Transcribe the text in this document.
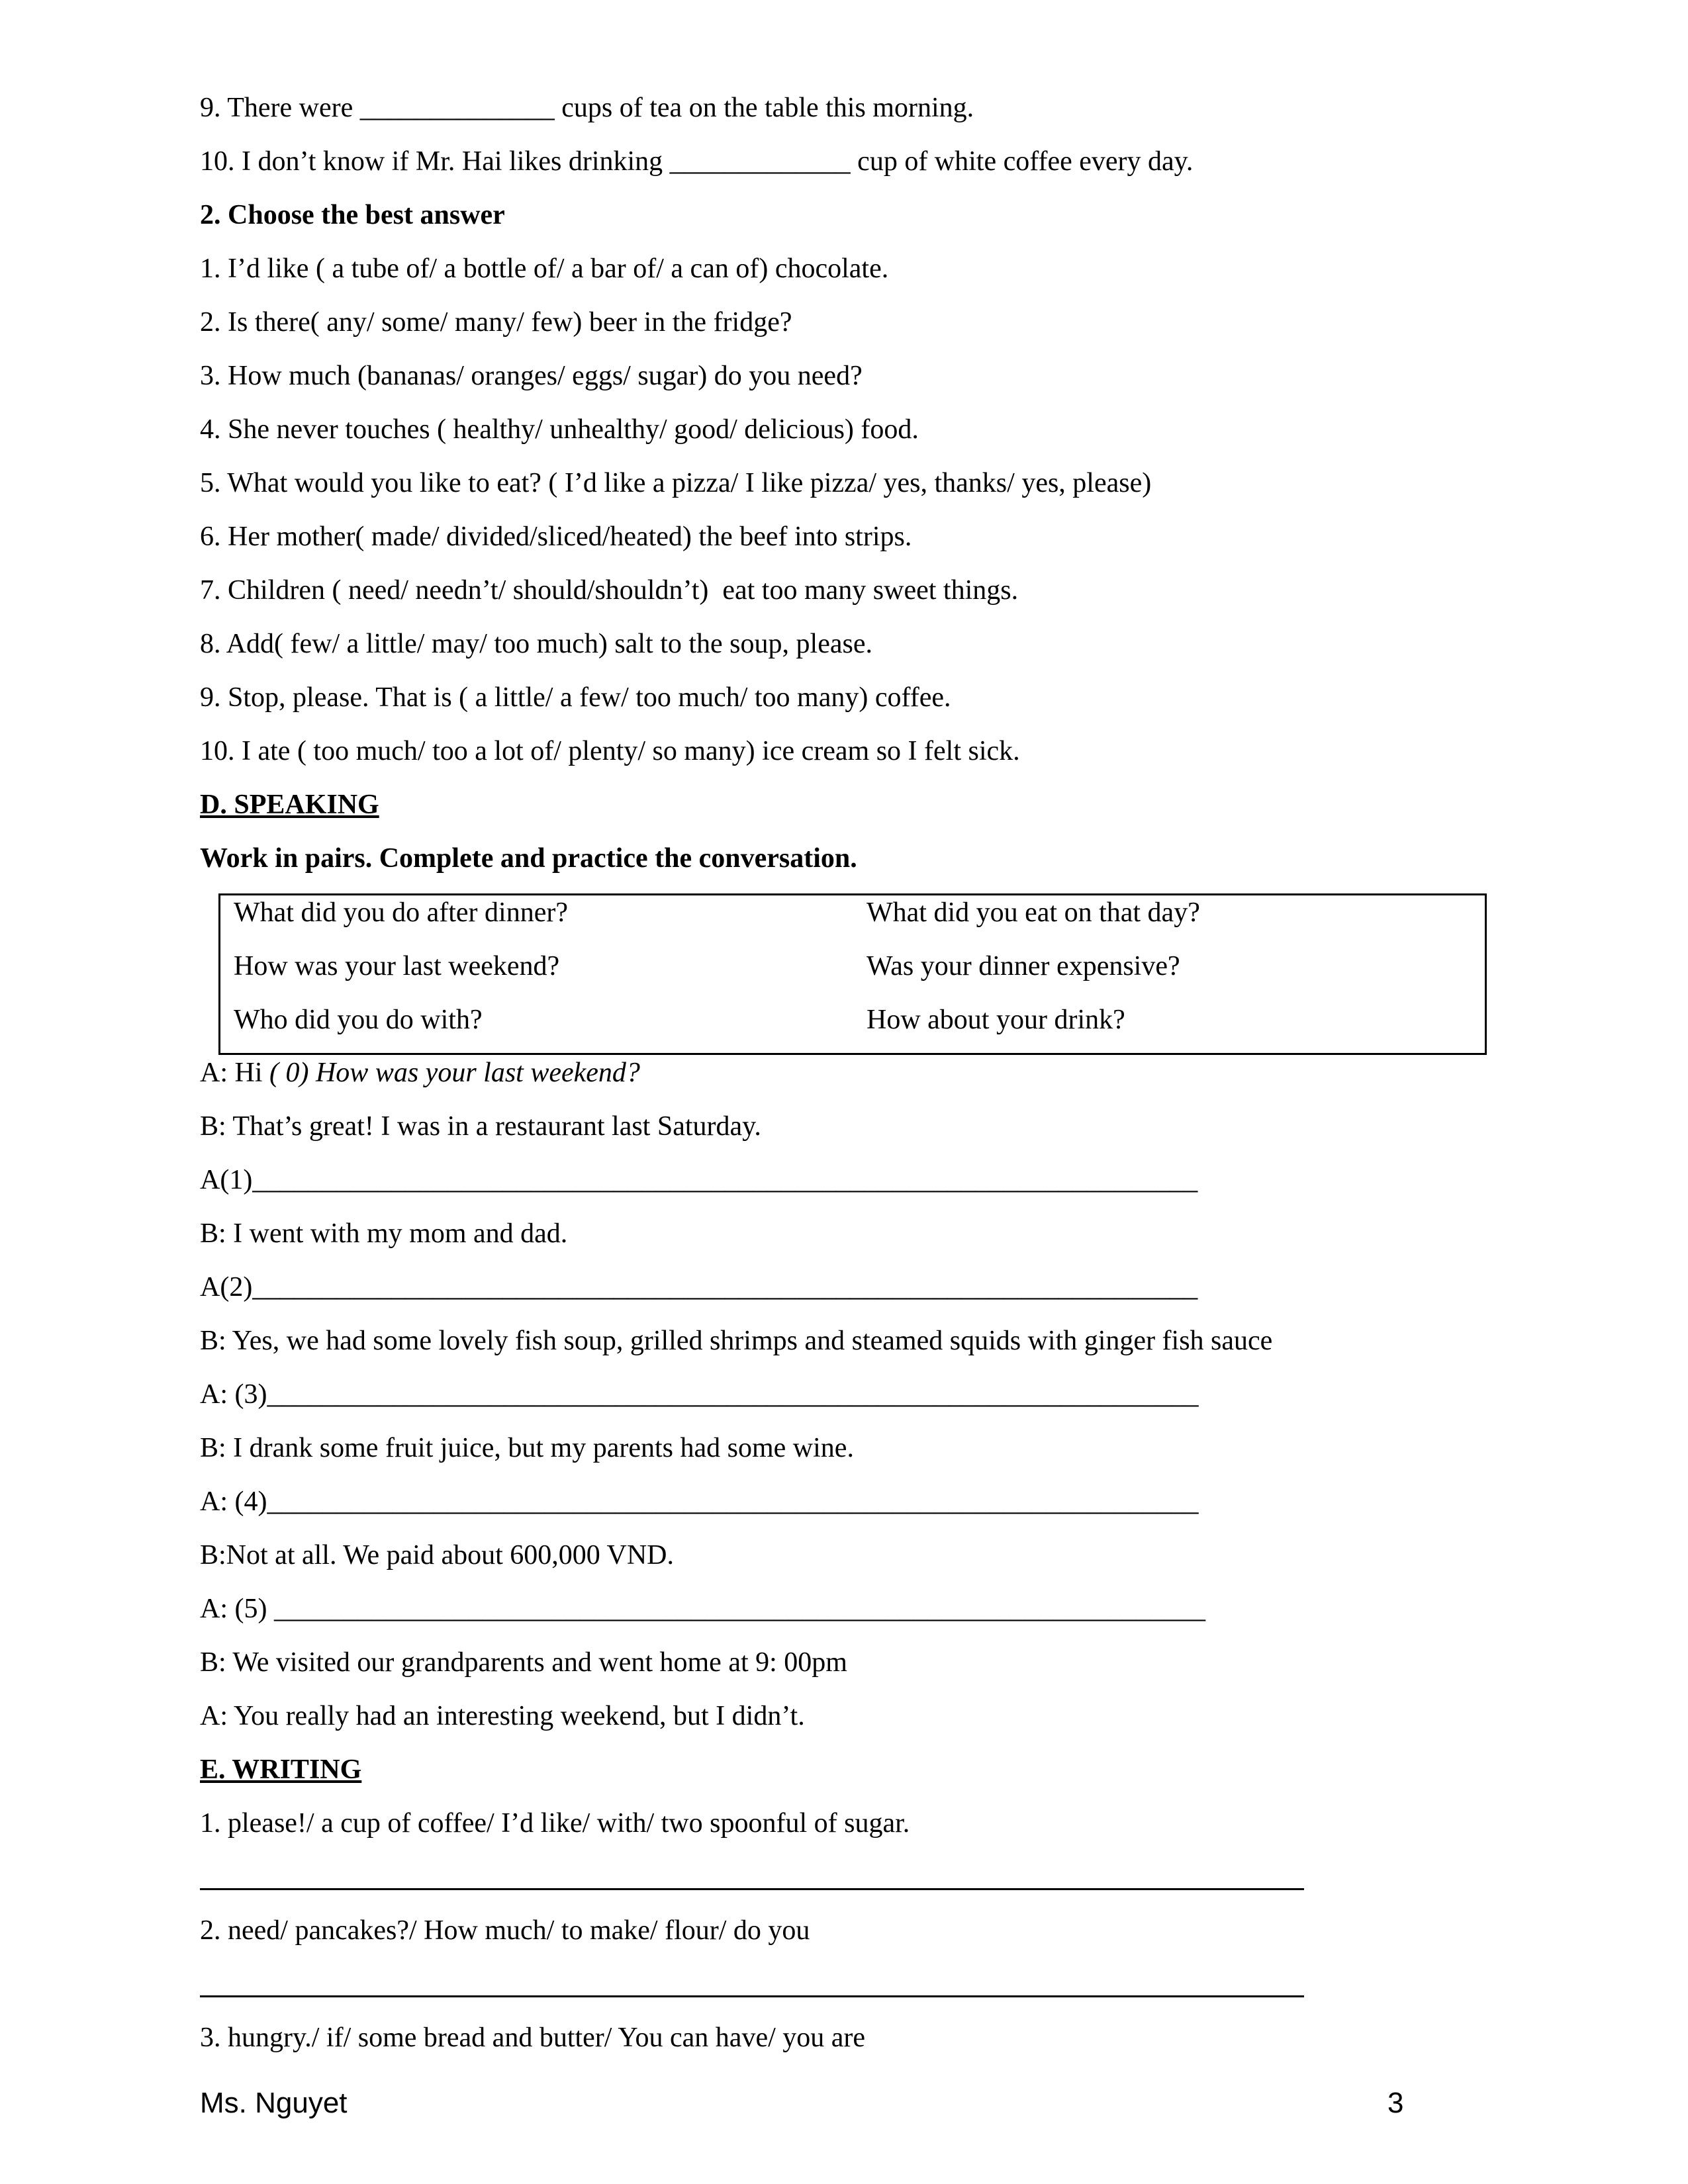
9. There were ______________ cups of tea on the table this morning.
10. I don’t know if Mr. Hai likes drinking _____________ cup of white coffee every day.
2. Choose the best answer
1. I’d like ( a tube of/ a bottle of/ a bar of/ a can of) chocolate.
2. Is there( any/ some/ many/ few) beer in the fridge?
3. How much (bananas/ oranges/ eggs/ sugar) do you need?
4. She never touches ( healthy/ unhealthy/ good/ delicious) food.
5. What would you like to eat? ( I’d like a pizza/ I like pizza/ yes, thanks/ yes, please)
6. Her mother( made/ divided/sliced/heated) the beef into strips.
7. Children ( need/ needn’t/ should/shouldn’t)  eat too many sweet things.
8. Add( few/ a little/ may/ too much) salt to the soup, please.
9. Stop, please. That is ( a little/ a few/ too much/ too many) coffee.
10. I ate ( too much/ too a lot of/ plenty/ so many) ice cream so I felt sick.
D. SPEAKING
Work in pairs. Complete and practice the conversation.
What did you do after dinner?
How was your last weekend?
Who did you do with?
What did you eat on that day?
Was your dinner expensive?
How about your drink?
A: Hi ( 0) How was your last weekend?
B: That’s great! I was in a restaurant last Saturday.
A(1)____________________________________________________________________
B: I went with my mom and dad.
A(2)____________________________________________________________________
B: Yes, we had some lovely fish soup, grilled shrimps and steamed squids with ginger fish sauce
A: (3)___________________________________________________________________
B: I drank some fruit juice, but my parents had some wine.
A: (4)___________________________________________________________________
B:Not at all. We paid about 600,000 VND.
A: (5) ___________________________________________________________________
B: We visited our grandparents and went home at 9: 00pm
A: You really had an interesting weekend, but I didn’t.
E. WRITING
1. please!/ a cup of coffee/ I’d like/ with/ two spoonful of sugar.
2. need/ pancakes?/ How much/ to make/ flour/ do you
3. hungry./ if/ some bread and butter/ You can have/ you are
Ms. Nguyet	3
